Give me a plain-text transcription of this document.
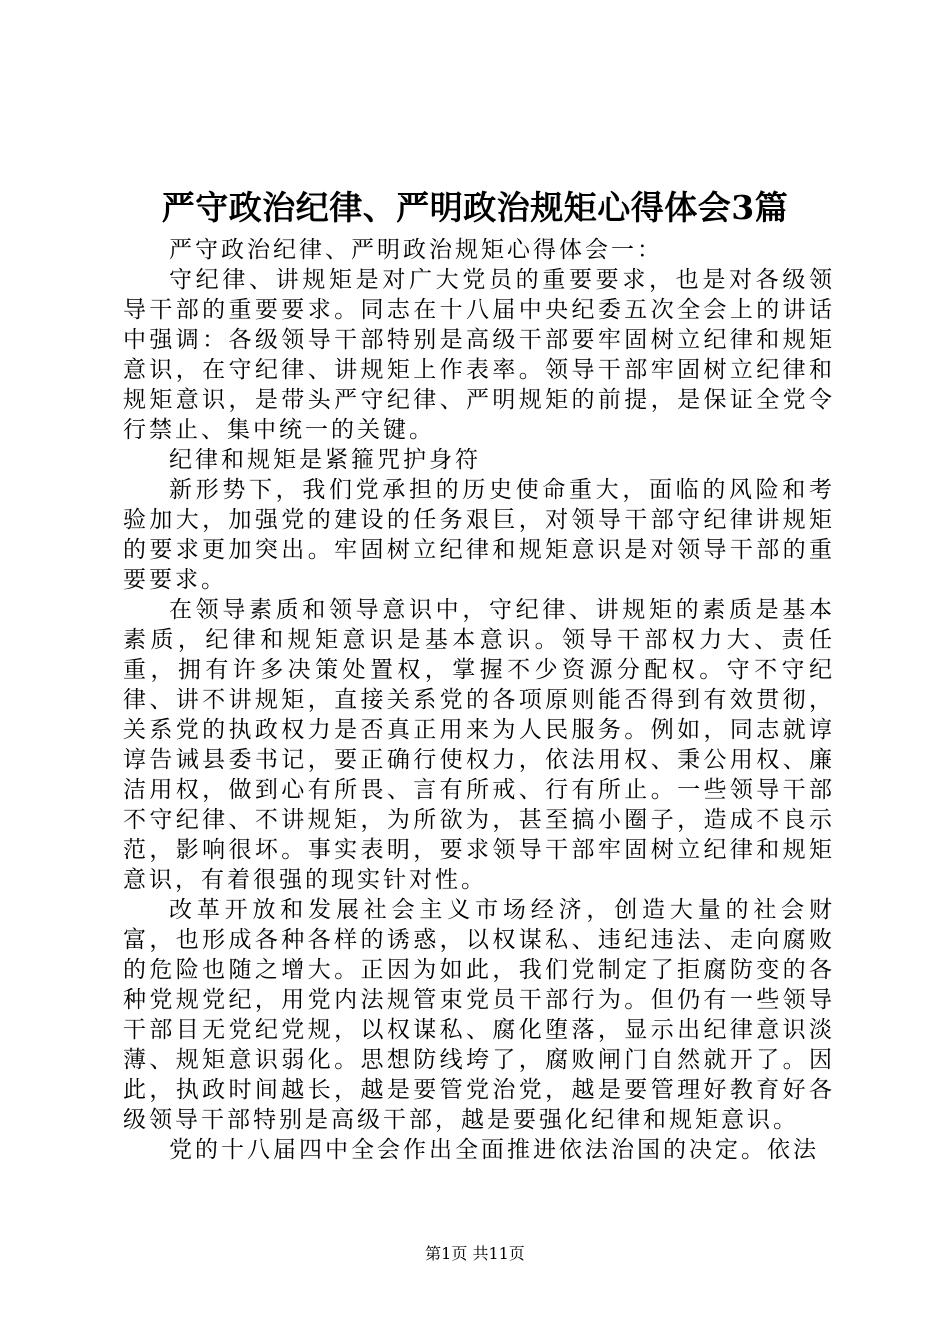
严守政治纪律、严明政治规矩心得体会3篇

严守政治纪律、严明政治规矩心得体会一：

守纪律、讲规矩是对广大党员的重要要求，也是对各级领导干部的重要要求。同志在十八届中央纪委五次全会上的讲话中强调：各级领导干部特别是高级干部要牢固树立纪律和规矩意识，在守纪律、讲规矩上作表率。领导干部牢固树立纪律和规矩意识，是带头严守纪律、严明规矩的前提，是保证全党令行禁止、集中统一的关键。

纪律和规矩是紧箍咒护身符

新形势下，我们党承担的历史使命重大，面临的风险和考验加大，加强党的建设的任务艰巨，对领导干部守纪律讲规矩的要求更加突出。牢固树立纪律和规矩意识是对领导干部的重要要求。

在领导素质和领导意识中，守纪律、讲规矩的素质是基本素质，纪律和规矩意识是基本意识。领导干部权力大、责任重，拥有许多决策处置权，掌握不少资源分配权。守不守纪律、讲不讲规矩，直接关系党的各项原则能否得到有效贯彻，关系党的执政权力是否真正用来为人民服务。例如，同志就谆谆告诫县委书记，要正确行使权力，依法用权、秉公用权、廉洁用权，做到心有所畏、言有所戒、行有所止。一些领导干部不守纪律、不讲规矩，为所欲为，甚至搞小圈子，造成不良示范，影响很坏。事实表明，要求领导干部牢固树立纪律和规矩意识，有着很强的现实针对性。

改革开放和发展社会主义市场经济，创造大量的社会财富，也形成各种各样的诱惑，以权谋私、违纪违法、走向腐败的危险也随之增大。正因为如此，我们党制定了拒腐防变的各种党规党纪，用党内法规管束党员干部行为。但仍有一些领导干部目无党纪党规，以权谋私、腐化堕落，显示出纪律意识淡薄、规矩意识弱化。思想防线垮了，腐败闸门自然就开了。因此，执政时间越长，越是要管党治党，越是要管理好教育好各级领导干部特别是高级干部，越是要强化纪律和规矩意识。

党的十八届四中全会作出全面推进依法治国的决定。依法

第1页 共11页
